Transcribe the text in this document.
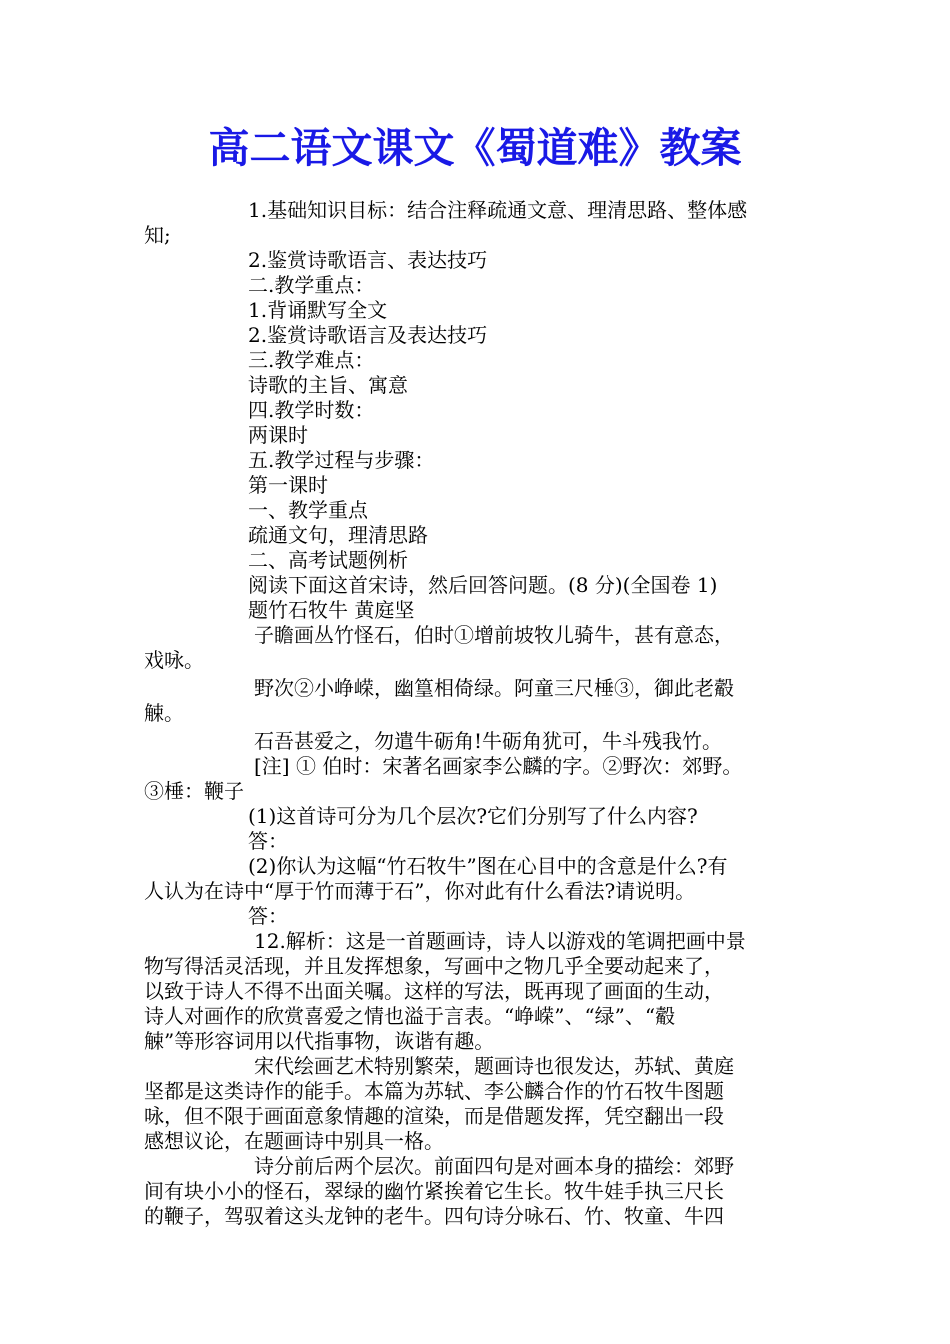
高二语文课文《蜀道难》教案
1.基础知识目标：结合注释疏通文意、理清思路、整体感
知;
2.鉴赏诗歌语言、表达技巧
二.教学重点：
1.背诵默写全文
2.鉴赏诗歌语言及表达技巧
三.教学难点：
诗歌的主旨、寓意
四.教学时数：
两课时
五.教学过程与步骤：
第一课时
一、教学重点
疏通文句，理清思路
二、高考试题例析
阅读下面这首宋诗，然后回答问题。(8 分)(全国卷 1)
题竹石牧牛 黄庭坚
子瞻画丛竹怪石，伯时①增前坡牧儿骑牛，甚有意态，
戏咏。
野次②小峥嵘，幽篁相倚绿。阿童三尺棰③，御此老觳
觫。
石吾甚爱之，勿遣牛砺角!牛砺角犹可，牛斗残我竹。
[注] ① 伯时：宋著名画家李公麟的字。②野次：郊野。
③棰：鞭子
(1)这首诗可分为几个层次?它们分别写了什么内容?
答：
(2)你认为这幅“竹石牧牛”图在心目中的含意是什么?有
人认为在诗中“厚于竹而薄于石”，你对此有什么看法?请说明。
答：
12.解析：这是一首题画诗，诗人以游戏的笔调把画中景
物写得活灵活现，并且发挥想象，写画中之物几乎全要动起来了，
以致于诗人不得不出面关嘱。这样的写法，既再现了画面的生动，
诗人对画作的欣赏喜爱之情也溢于言表。“峥嵘”、“绿”、“觳
觫”等形容词用以代指事物，诙谐有趣。
宋代绘画艺术特别繁荣，题画诗也很发达，苏轼、黄庭
坚都是这类诗作的能手。本篇为苏轼、李公麟合作的竹石牧牛图题
咏，但不限于画面意象情趣的渲染，而是借题发挥，凭空翻出一段
感想议论，在题画诗中别具一格。
诗分前后两个层次。前面四句是对画本身的描绘：郊野
间有块小小的怪石，翠绿的幽竹紧挨着它生长。牧牛娃手执三尺长
的鞭子，驾驭着这头龙钟的老牛。四句诗分咏石、竹、牧童、牛四
